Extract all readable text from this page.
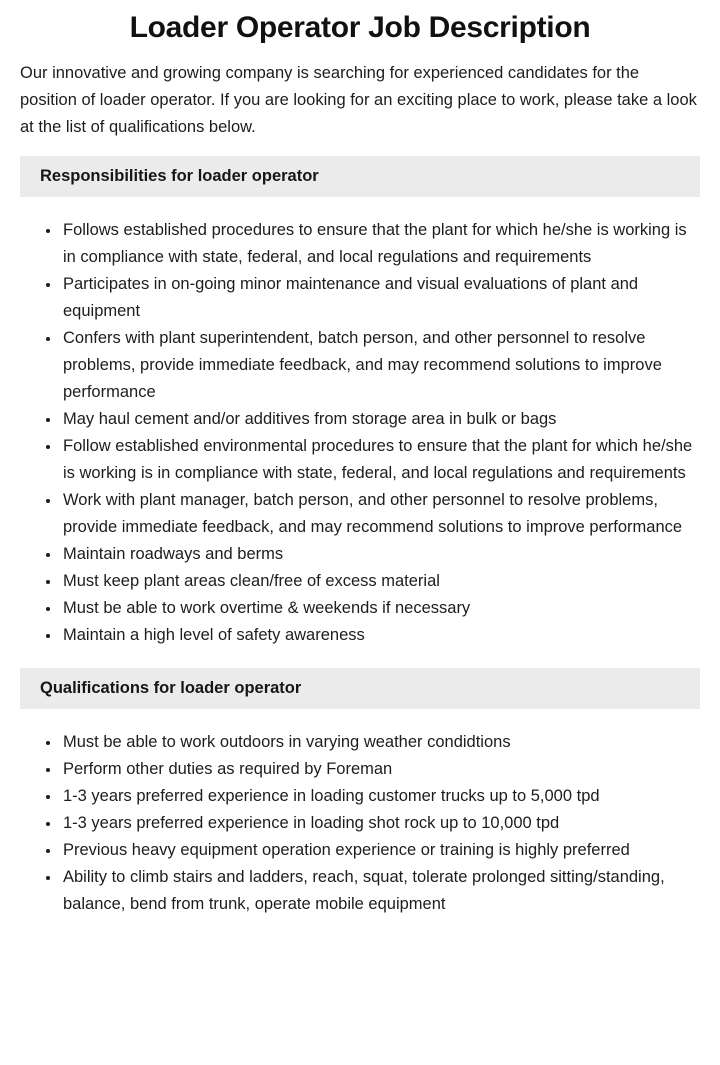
Loader Operator Job Description

Our innovative and growing company is searching for experienced candidates for the position of loader operator. If you are looking for an exciting place to work, please take a look at the list of qualifications below.

Responsibilities for loader operator
• Follows established procedures to ensure that the plant for which he/she is working is in compliance with state, federal, and local regulations and requirements
• Participates in on-going minor maintenance and visual evaluations of plant and equipment
• Confers with plant superintendent, batch person, and other personnel to resolve problems, provide immediate feedback, and may recommend solutions to improve performance
• May haul cement and/or additives from storage area in bulk or bags
• Follow established environmental procedures to ensure that the plant for which he/she is working is in compliance with state, federal, and local regulations and requirements
• Work with plant manager, batch person, and other personnel to resolve problems, provide immediate feedback, and may recommend solutions to improve performance
• Maintain roadways and berms
• Must keep plant areas clean/free of excess material
• Must be able to work overtime & weekends if necessary
• Maintain a high level of safety awareness
Qualifications for loader operator
• Must be able to work outdoors in varying weather condidtions
• Perform other duties as required by Foreman
• 1-3 years preferred experience in loading customer trucks up to 5,000 tpd
• 1-3 years preferred experience in loading shot rock up to 10,000 tpd
• Previous heavy equipment operation experience or training is highly preferred
• Ability to climb stairs and ladders, reach, squat, tolerate prolonged sitting/standing, balance, bend from trunk, operate mobile equipment
